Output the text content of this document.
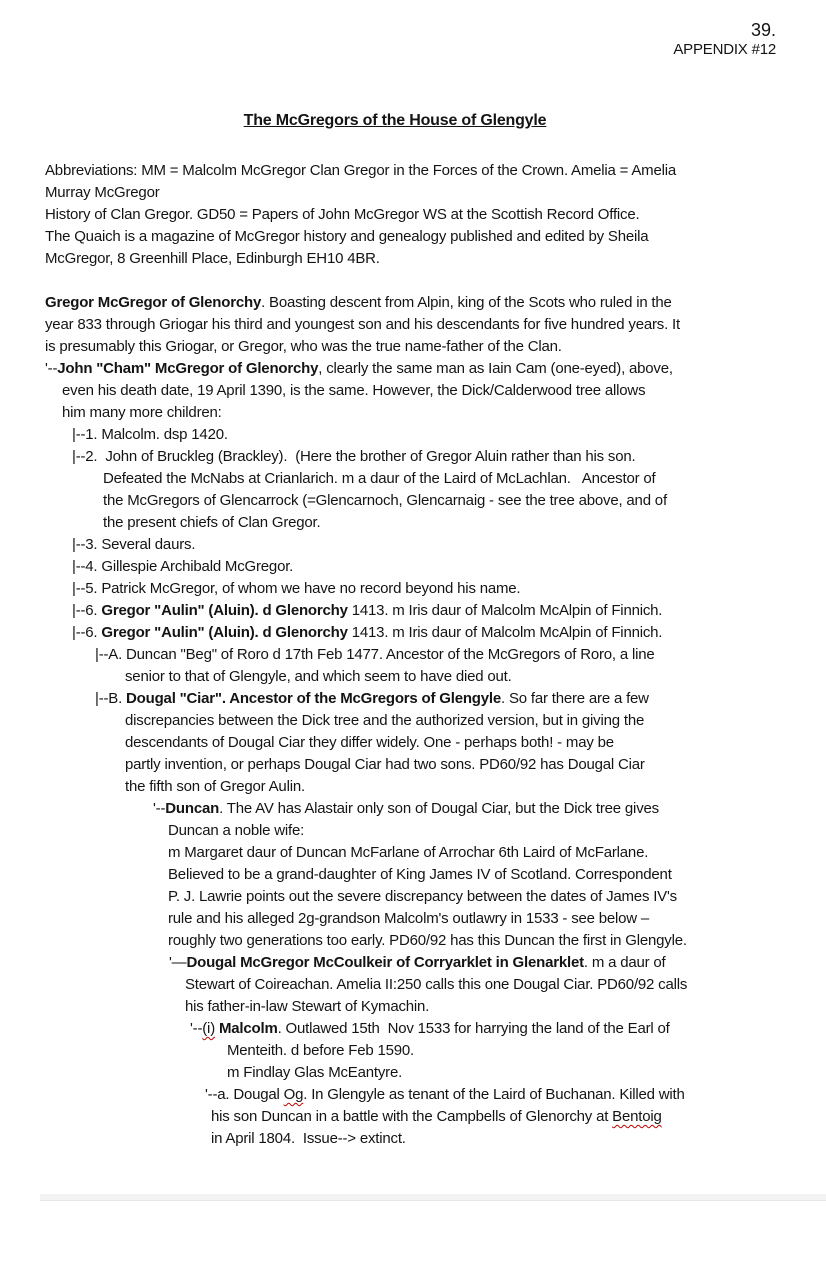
39.
APPENDIX #12
The McGregors of the House of Glengyle
Abbreviations: MM = Malcolm McGregor Clan Gregor in the Forces of the Crown. Amelia = Amelia
Murray McGregor
History of Clan Gregor. GD50 = Papers of John McGregor WS at the Scottish Record Office.
The Quaich is a magazine of McGregor history and genealogy published and edited by Sheila
McGregor, 8 Greenhill Place, Edinburgh EH10 4BR.
Gregor McGregor of Glenorchy. Boasting descent from Alpin, king of the Scots who ruled in the
year 833 through Griogar his third and youngest son and his descendants for five hundred years. It
is presumably this Griogar, or Gregor, who was the true name-father of the Clan.
'--John "Cham" McGregor of Glenorchy, clearly the same man as Iain Cam (one-eyed), above,
even his death date, 19 April 1390, is the same. However, the Dick/Calderwood tree allows
him many more children:
|--1. Malcolm. dsp 1420.
|--2.  John of Bruckleg (Brackley).  (Here the brother of Gregor Aluin rather than his son.
Defeated the McNabs at Crianlarich. m a daur of the Laird of McLachlan.   Ancestor of
the McGregors of Glencarrock (=Glencarnoch, Glencarnaig - see the tree above, and of
the present chiefs of Clan Gregor.
|--3. Several daurs.
|--4. Gillespie Archibald McGregor.
|--5. Patrick McGregor, of whom we have no record beyond his name.
|--6. Gregor "Aulin" (Aluin). d Glenorchy 1413. m Iris daur of Malcolm McAlpin of Finnich.
|--6. Gregor "Aulin" (Aluin). d Glenorchy 1413. m Iris daur of Malcolm McAlpin of Finnich.
|--A. Duncan "Beg" of Roro d 17th Feb 1477. Ancestor of the McGregors of Roro, a line
senior to that of Glengyle, and which seem to have died out.
|--B. Dougal "Ciar". Ancestor of the McGregors of Glengyle. So far there are a few
discrepancies between the Dick tree and the authorized version, but in giving the
descendants of Dougal Ciar they differ widely. One - perhaps both! - may be
partly invention, or perhaps Dougal Ciar had two sons. PD60/92 has Dougal Ciar
the fifth son of Gregor Aulin.
'--Duncan. The AV has Alastair only son of Dougal Ciar, but the Dick tree gives
Duncan a noble wife:
m Margaret daur of Duncan McFarlane of Arrochar 6th Laird of McFarlane.
Believed to be a grand-daughter of King James IV of Scotland. Correspondent
P. J. Lawrie points out the severe discrepancy between the dates of James IV's
rule and his alleged 2g-grandson Malcolm's outlawry in 1533 - see below –
roughly two generations too early. PD60/92 has this Duncan the first in Glengyle.
'—Dougal McGregor McCoulkeir of Corryarklet in Glenarklet. m a daur of
Stewart of Coireachan. Amelia II:250 calls this one Dougal Ciar. PD60/92 calls
his father-in-law Stewart of Kymachin.
'--(i) Malcolm. Outlawed 15th  Nov 1533 for harrying the land of the Earl of
Menteith. d before Feb 1590.
m Findlay Glas McEantyre.
'--a. Dougal Og. In Glengyle as tenant of the Laird of Buchanan. Killed with
his son Duncan in a battle with the Campbells of Glenorchy at Bentoig
in April 1804.  Issue--> extinct.
